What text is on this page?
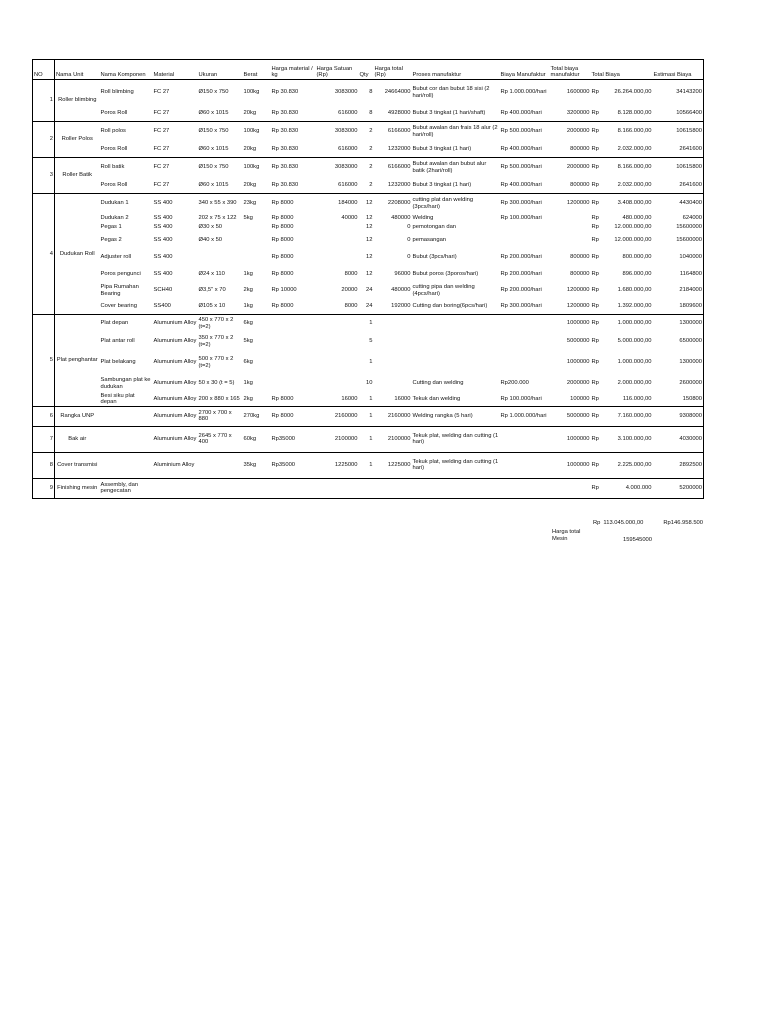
NO	Nama Unit	Nama Komponen	Material	Ukuran	Berat	Harga material / kg	Harga Satuan (Rp)	Qty	Harga total (Rp)	Proses manufaktur	Biaya Manufaktur	Total biaya manufaktur	Total Biaya	Estimasi Biaya
1	Roller blimbing	Roll blimbing	FC 27	Ø150 x 750	100kg	Rp 30.830	3083000	8	24664000	Bubut cor dan bubut 18 sisi (2 hari/roll)	Rp 1.000.000/hari	1600000	Rp 26.264.000,00	34143200
		Poros Roll	FC 27	Ø60 x 1015	20kg	Rp 30.830	616000	8	4928000	Bubut 3 tingkat (1 hari/shaft)	Rp 400.000/hari	3200000	Rp 8.128.000,00	10566400
2	Roller Polos	Roll polos	FC 27	Ø150 x 750	100kg	Rp 30.830	3083000	2	6166000	Bubut awalan dan frais 18 alur (2 hari/roll)	Rp 500.000/hari	2000000	Rp 8.166.000,00	10615800
		Poros Roll	FC 27	Ø60 x 1015	20kg	Rp 30.830	616000	2	1232000	Bubut 3 tingkat (1 hari)	Rp 400.000/hari	800000	Rp 2.032.000,00	2641600
3	Roller Batik	Roll batik	FC 27	Ø150 x 750	100kg	Rp 30.830	3083000	2	6166000	Bubut awalan dan bubut alur batik (2hari/roll)	Rp 500.000/hari	2000000	Rp 8.166.000,00	10615800
		Poros Roll	FC 27	Ø60 x 1015	20kg	Rp 30.830	616000	2	1232000	Bubut 3 tingkat (1 hari)	Rp 400.000/hari	800000	Rp 2.032.000,00	2641600
4	Dudukan Roll	Dudukan 1	SS 400	340 x 55 x 390	23kg	Rp 8000	184000	12	2208000	cutting plat dan welding (3pcs/hari)	Rp 300.000/hari	1200000	Rp 3.408.000,00	4430400
		Dudukan 2	SS 400	202 x 75 x 122	5kg	Rp 8000	40000	12	480000	Welding	Rp 100.000/hari		Rp 480.000,00	624000
		Pegas 1	SS 400	Ø30 x 50		Rp 8000		12	0	pemotongan dan			Rp 12.000.000,00	15600000
		Pegas 2	SS 400	Ø40 x 50		Rp 8000		12	0	pemasangan			Rp 12.000.000,00	15600000
		Adjuster roll	SS 400			Rp 8000		12	0	Bubut (3pcs/hari)	Rp 200.000/hari	800000	Rp 800.000,00	1040000
		Poros pengunci	SS 400	Ø24 x 110	1kg	Rp 8000	8000	12	96000	Bubut poros (3poros/hari)	Rp 200.000/hari	800000	Rp 896.000,00	1164800
		Pipa Rumahan Bearing	SCH40	Ø3,5" x 70	2kg	Rp 10000	20000	24	480000	cutting pipa dan welding (4pcs/hari)	Rp 200.000/hari	1200000	Rp 1.680.000,00	2184000
		Cover bearing	SS400	Ø105 x 10	1kg	Rp 8000	8000	24	192000	Cutting dan boring(6pcs/hari)	Rp 300.000/hari	1200000	Rp 1.392.000,00	1809600
5	Plat penghantar	Plat depan	Alumunium Alloy	450 x 770 x 2 (t=2)	6kg			1				1000000	Rp 1.000.000,00	1300000
		Plat antar roll	Alumunium Alloy	350 x 770 x 2 (t=2)	5kg			5				5000000	Rp 5.000.000,00	6500000
		Plat belakang	Alumunium Alloy	500 x 770 x 2 (t=2)	6kg			1				1000000	Rp 1.000.000,00	1300000
		Sambungan plat ke dudukan	Alumunium Alloy	50 x 30 (t = 5)	1kg			10		Cutting dan welding	Rp200.000	2000000	Rp 2.000.000,00	2600000
		Besi siku plat depan	Alumunium Alloy	200 x 880 x 165	2kg	Rp 8000	16000	1	16000	Tekuk dan welding	Rp 100.000/hari	100000	Rp 116.000,00	150800
6	Rangka UNP		Alumunium Alloy	2700 x 700 x 880	270kg	Rp 8000	2160000	1	2160000	Welding rangka (5 hari)	Rp 1.000.000/hari	5000000	Rp 7.160.000,00	9308000
7	Bak air		Alumunium Alloy	2645 x 770 x 400	60kg	Rp35000	2100000	1	2100000	Tekuk plat, welding dan cutting (1 hari)		1000000	Rp 3.100.000,00	4030000
8	Cover transmisi		Aluminium Alloy		35kg	Rp35000	1225000	1	1225000	Tekuk plat, welding dan cutting (1 hari)		1000000	Rp 2.225.000,00	2892500
9	Finishing mesin	Assembly, dan pengecatan											Rp 4.000.000	5200000
Rp 113.045.000,00	Rp146.958.500
Harga total Mesin	159545000
